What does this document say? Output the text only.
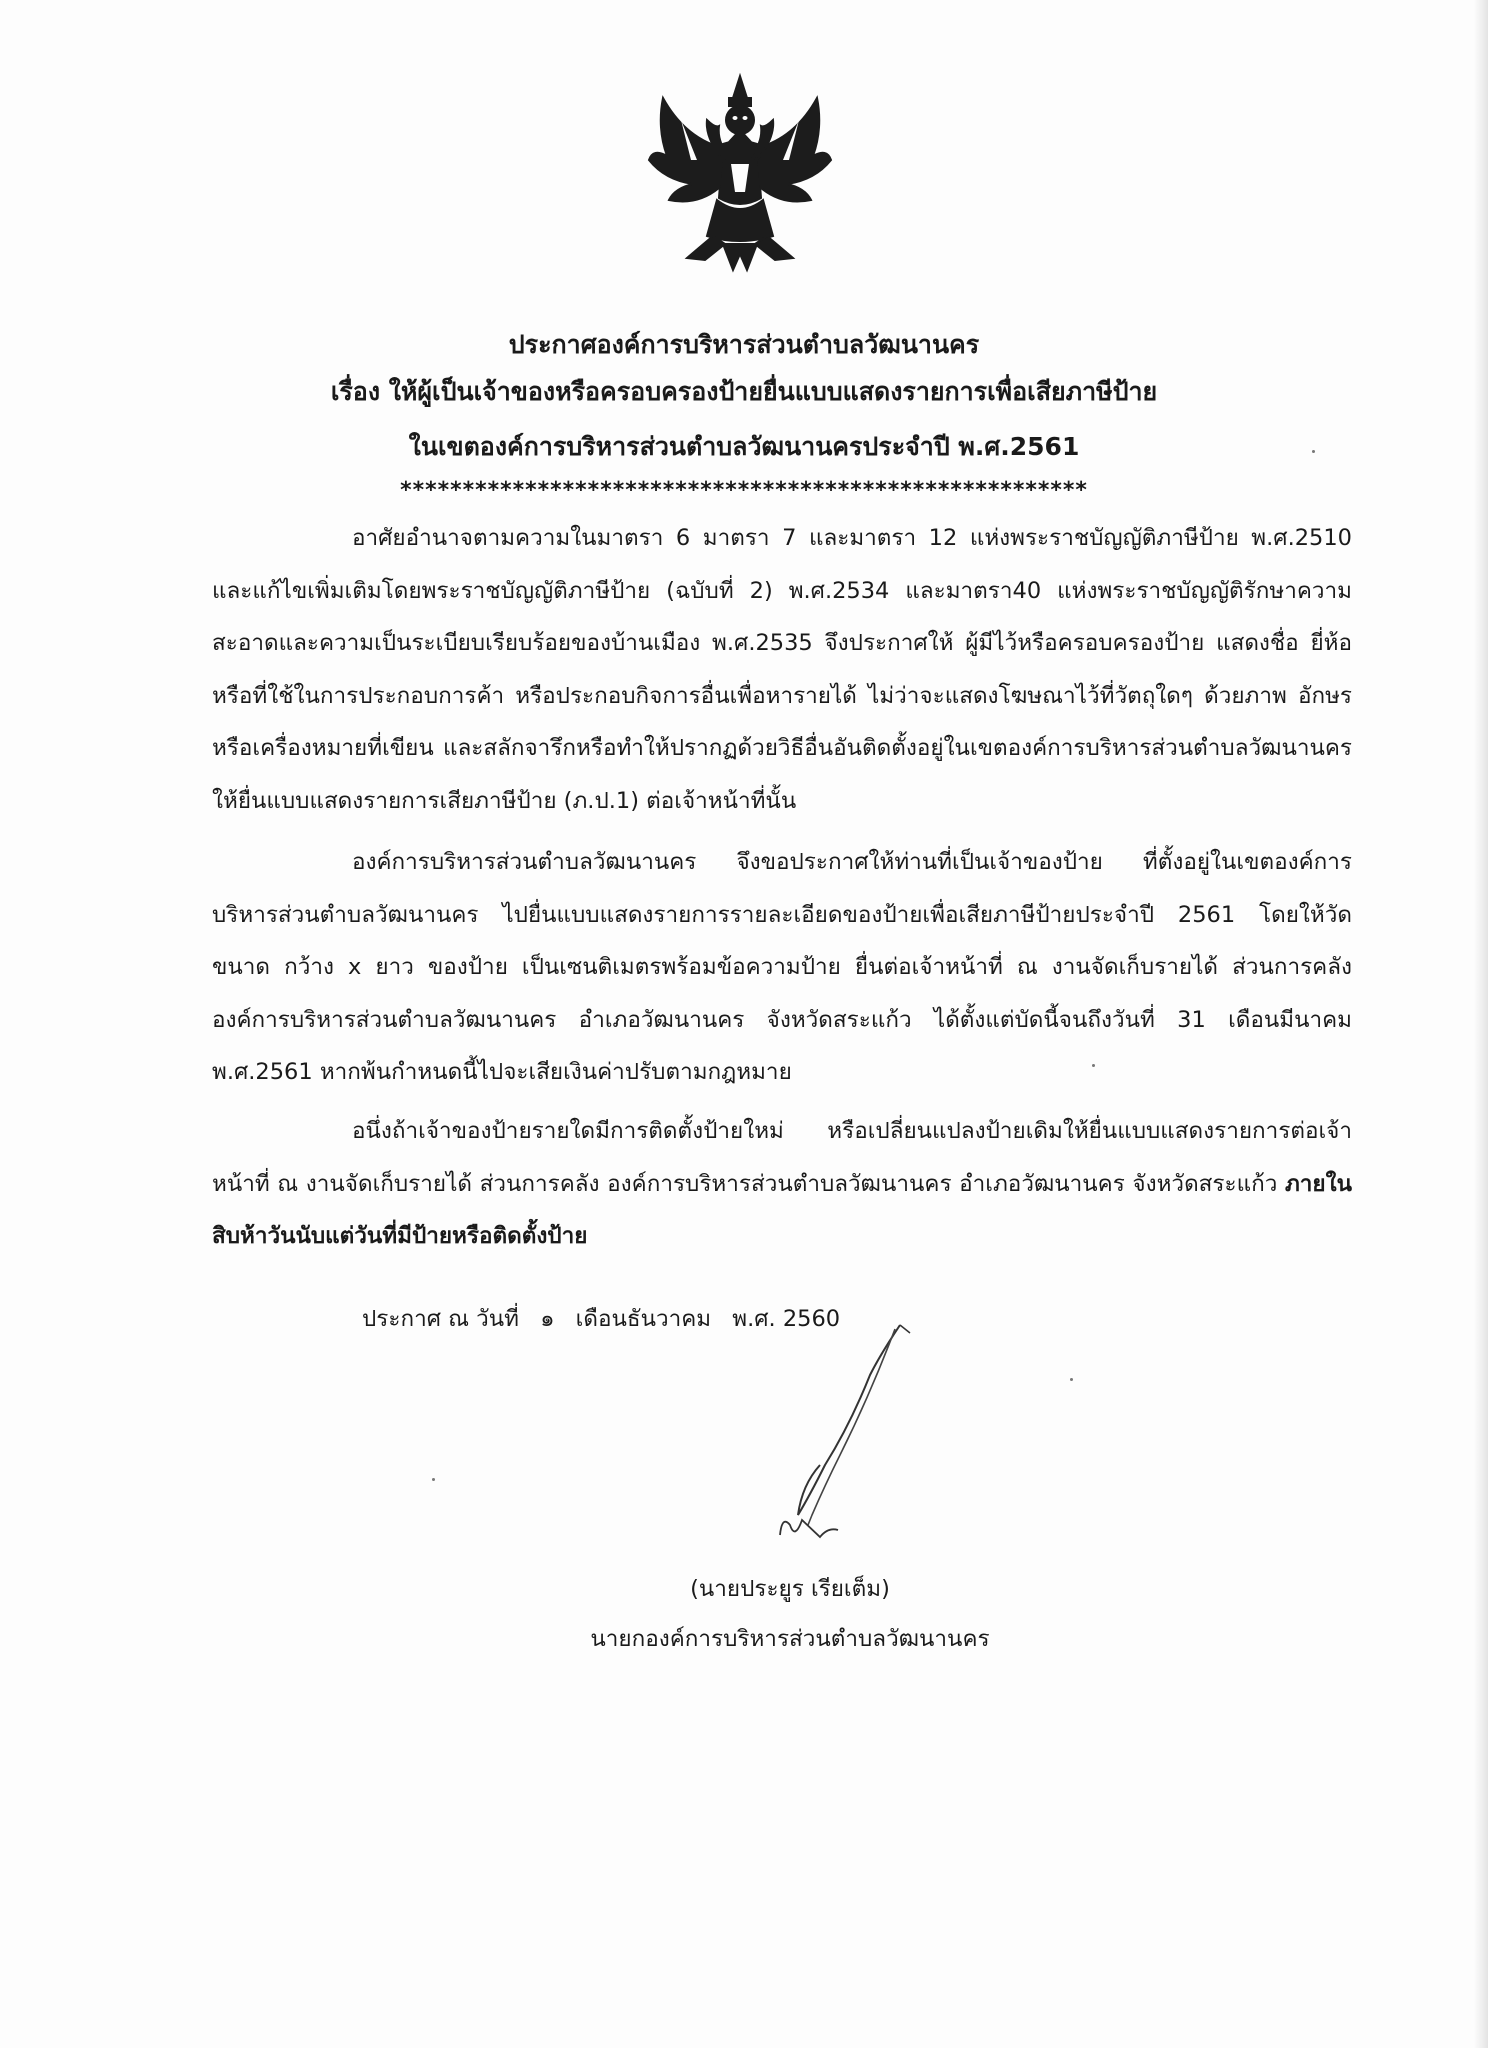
ประกาศองค์การบริหารส่วนตำบลวัฒนานคร
เรื่อง ให้ผู้เป็นเจ้าของหรือครอบครองป้ายยื่นแบบแสดงรายการเพื่อเสียภาษีป้าย
ในเขตองค์การบริหารส่วนตำบลวัฒนานครประจำปี พ.ศ.2561
*******************************************************
อาศัยอำนาจตามความในมาตรา 6 มาตรา 7 และมาตรา 12 แห่งพระราชบัญญัติภาษีป้าย พ.ศ.2510 และแก้ไขเพิ่มเติมโดยพระราชบัญญัติภาษีป้าย (ฉบับที่ 2) พ.ศ.2534 และมาตรา40 แห่งพระราชบัญญัติรักษาความสะอาดและความเป็นระเบียบเรียบร้อยของบ้านเมือง พ.ศ.2535 จึงประกาศให้ ผู้มีไว้หรือครอบครองป้าย แสดงชื่อ ยี่ห้อ หรือที่ใช้ในการประกอบการค้า หรือประกอบกิจการอื่นเพื่อหารายได้ ไม่ว่าจะแสดงโฆษณาไว้ที่วัตถุใดๆ ด้วยภาพ อักษร หรือเครื่องหมายที่เขียน และสลักจารึกหรือทำให้ปรากฏด้วยวิธีอื่นอันติดตั้งอยู่ในเขตองค์การบริหารส่วนตำบลวัฒนานครให้ยื่นแบบแสดงรายการเสียภาษีป้าย (ภ.ป.1) ต่อเจ้าหน้าที่นั้น
องค์การบริหารส่วนตำบลวัฒนานคร จึงขอประกาศให้ท่านที่เป็นเจ้าของป้าย ที่ตั้งอยู่ในเขตองค์การบริหารส่วนตำบลวัฒนานคร ไปยื่นแบบแสดงรายการรายละเอียดของป้ายเพื่อเสียภาษีป้ายประจำปี 2561 โดยให้วัดขนาด กว้าง x ยาว ของป้าย เป็นเซนติเมตรพร้อมข้อความป้าย ยื่นต่อเจ้าหน้าที่ ณ งานจัดเก็บรายได้ ส่วนการคลัง องค์การบริหารส่วนตำบลวัฒนานคร อำเภอวัฒนานคร จังหวัดสระแก้ว ได้ตั้งแต่บัดนี้จนถึงวันที่ 31 เดือนมีนาคม พ.ศ.2561 หากพ้นกำหนดนี้ไปจะเสียเงินค่าปรับตามกฎหมาย
อนึ่งถ้าเจ้าของป้ายรายใดมีการติดตั้งป้ายใหม่ หรือเปลี่ยนแปลงป้ายเดิมให้ยื่นแบบแสดงรายการต่อเจ้าหน้าที่ ณ งานจัดเก็บรายได้ ส่วนการคลัง องค์การบริหารส่วนตำบลวัฒนานคร อำเภอวัฒนานคร จังหวัดสระแก้ว ภายในสิบห้าวันนับแต่วันที่มีป้ายหรือติดตั้งป้าย
ประกาศ ณ วันที่ ๑ เดือนธันวาคม พ.ศ. 2560
(นายประยูร เรียเต็ม)
นายกองค์การบริหารส่วนตำบลวัฒนานคร
